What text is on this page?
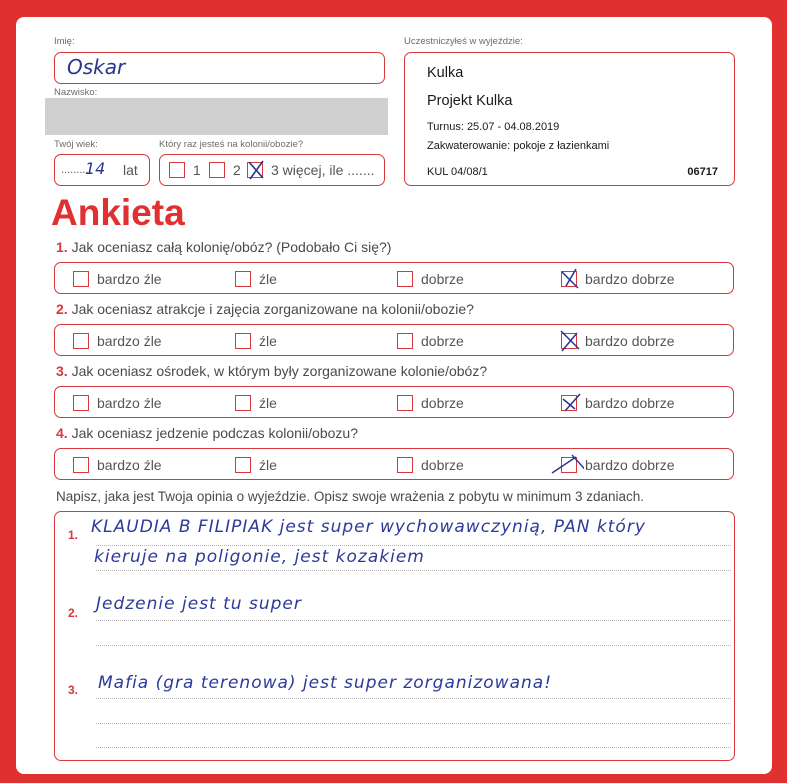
Imię:
Oskar
Nazwisko:
Twój wiek:
..........
14 lat
Który raz jesteś na kolonii/obozie?
1 2 3 więcej, ile .......
Uczestniczyłeś w wyjeździe:
Kulka
Projekt Kulka
Turnus: 25.07 - 04.08.2019
Zakwaterowanie: pokoje z łazienkami
KUL 04/08/1	06717
Ankieta
1. Jak oceniasz całą kolonię/obóz? (Podobało Ci się?)
bardzo źle	źle	dobrze	bardzo dobrze
2. Jak oceniasz atrakcje i zajęcia zorganizowane na kolonii/obozie?
bardzo źle	źle	dobrze	bardzo dobrze
3. Jak oceniasz ośrodek, w którym były zorganizowane kolonie/obóz?
bardzo źle	źle	dobrze	bardzo dobrze
4. Jak oceniasz jedzenie podczas kolonii/obozu?
bardzo źle	źle	dobrze	bardzo dobrze
Napisz, jaka jest Twoja opinia o wyjeździe. Opisz swoje wrażenia z pobytu w minimum 3 zdaniach.
1. KLAUDIA B FILIPIAK jest super wychowawczynią, PAN który
kieruje na poligonie, jest kozakiem
2. Jedzenie jest tu super
3. Mafia (gra terenowa) jest super zorganizowana!
